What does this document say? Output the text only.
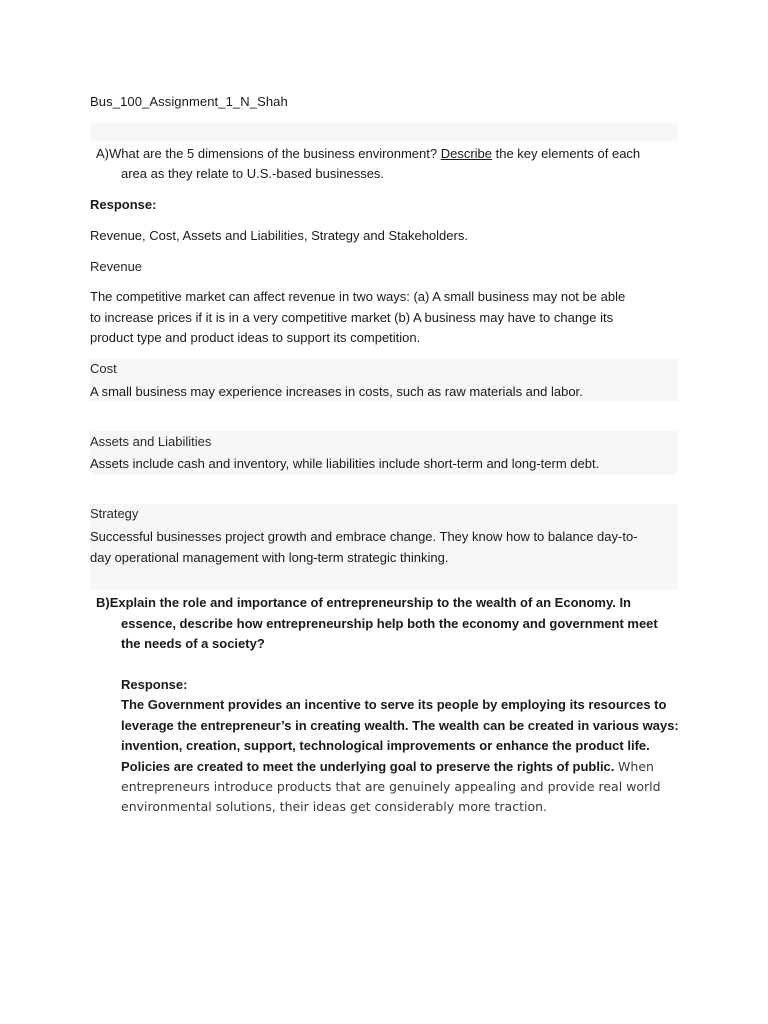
Bus_100_Assignment_1_N_Shah
A)What are the 5 dimensions of the business environment? Describe the key elements of each
area as they relate to U.S.-based businesses.
Response:
Revenue, Cost, Assets and Liabilities, Strategy and Stakeholders.
Revenue
The competitive market can affect revenue in two ways: (a) A small business may not be able
to increase prices if it is in a very competitive market (b) A business may have to change its
product type and product ideas to support its competition.
Cost
A small business may experience increases in costs, such as raw materials and labor.
Assets and Liabilities
Assets include cash and inventory, while liabilities include short-term and long-term debt.
Strategy
Successful businesses project growth and embrace change. They know how to balance day-to-
day operational management with long-term strategic thinking.
B)Explain the role and importance of entrepreneurship to the wealth of an Economy. In
essence, describe how entrepreneurship help both the economy and government meet
the needs of a society?
Response:
The Government provides an incentive to serve its people by employing its resources to
leverage the entrepreneur’s in creating wealth. The wealth can be created in various ways:
invention, creation, support, technological improvements or enhance the product life.
Policies are created to meet the underlying goal to preserve the rights of public. When
entrepreneurs introduce products that are genuinely appealing and provide real world
environmental solutions, their ideas get considerably more traction.
